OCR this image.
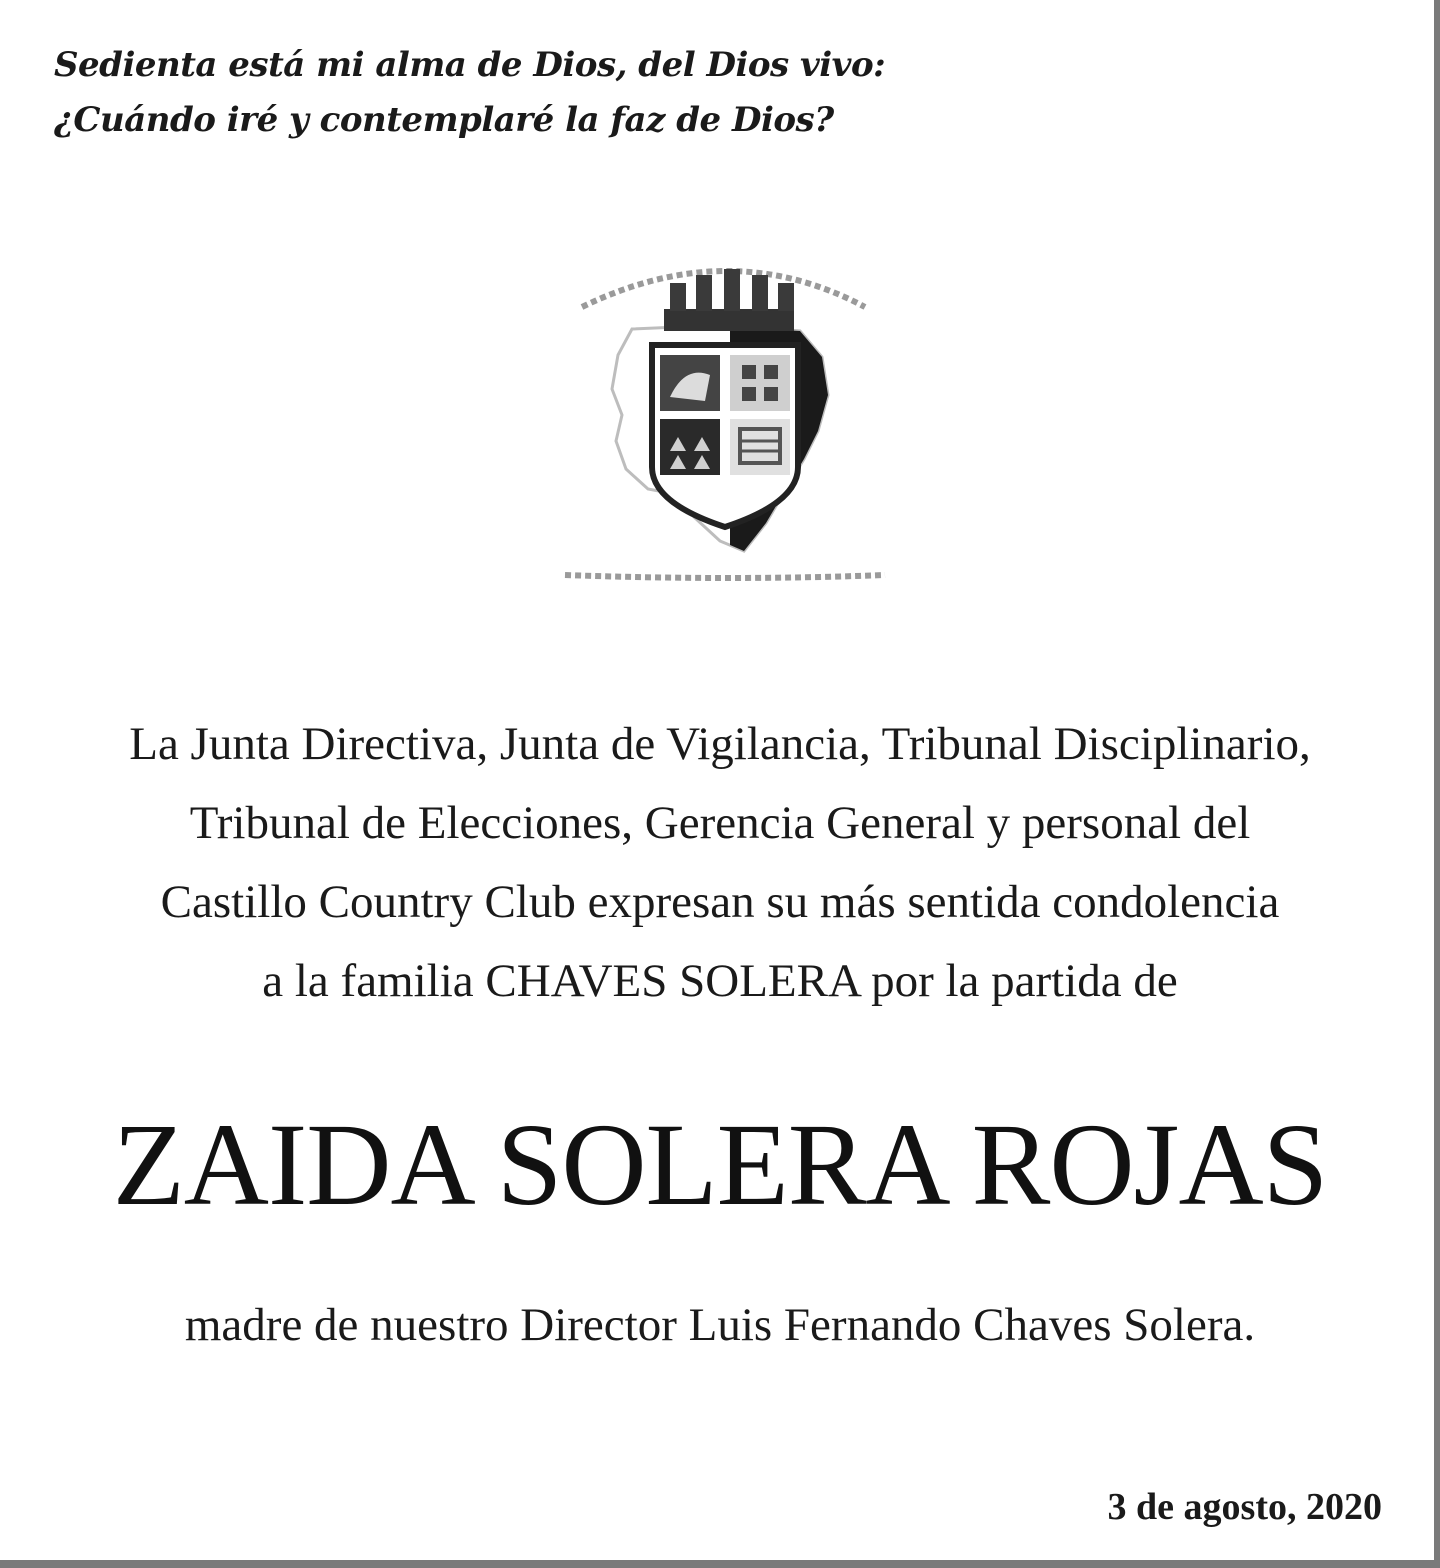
Sedienta está mi alma de Dios, del Dios vivo:
¿Cuándo iré y contemplaré la faz de Dios?
La Junta Directiva, Junta de Vigilancia, Tribunal Disciplinario,
Tribunal de Elecciones, Gerencia General y personal del
Castillo Country Club expresan su más sentida condolencia
a la familia CHAVES SOLERA por la partida de
ZAIDA SOLERA ROJAS
madre de nuestro Director Luis Fernando Chaves Solera.
3 de agosto, 2020
